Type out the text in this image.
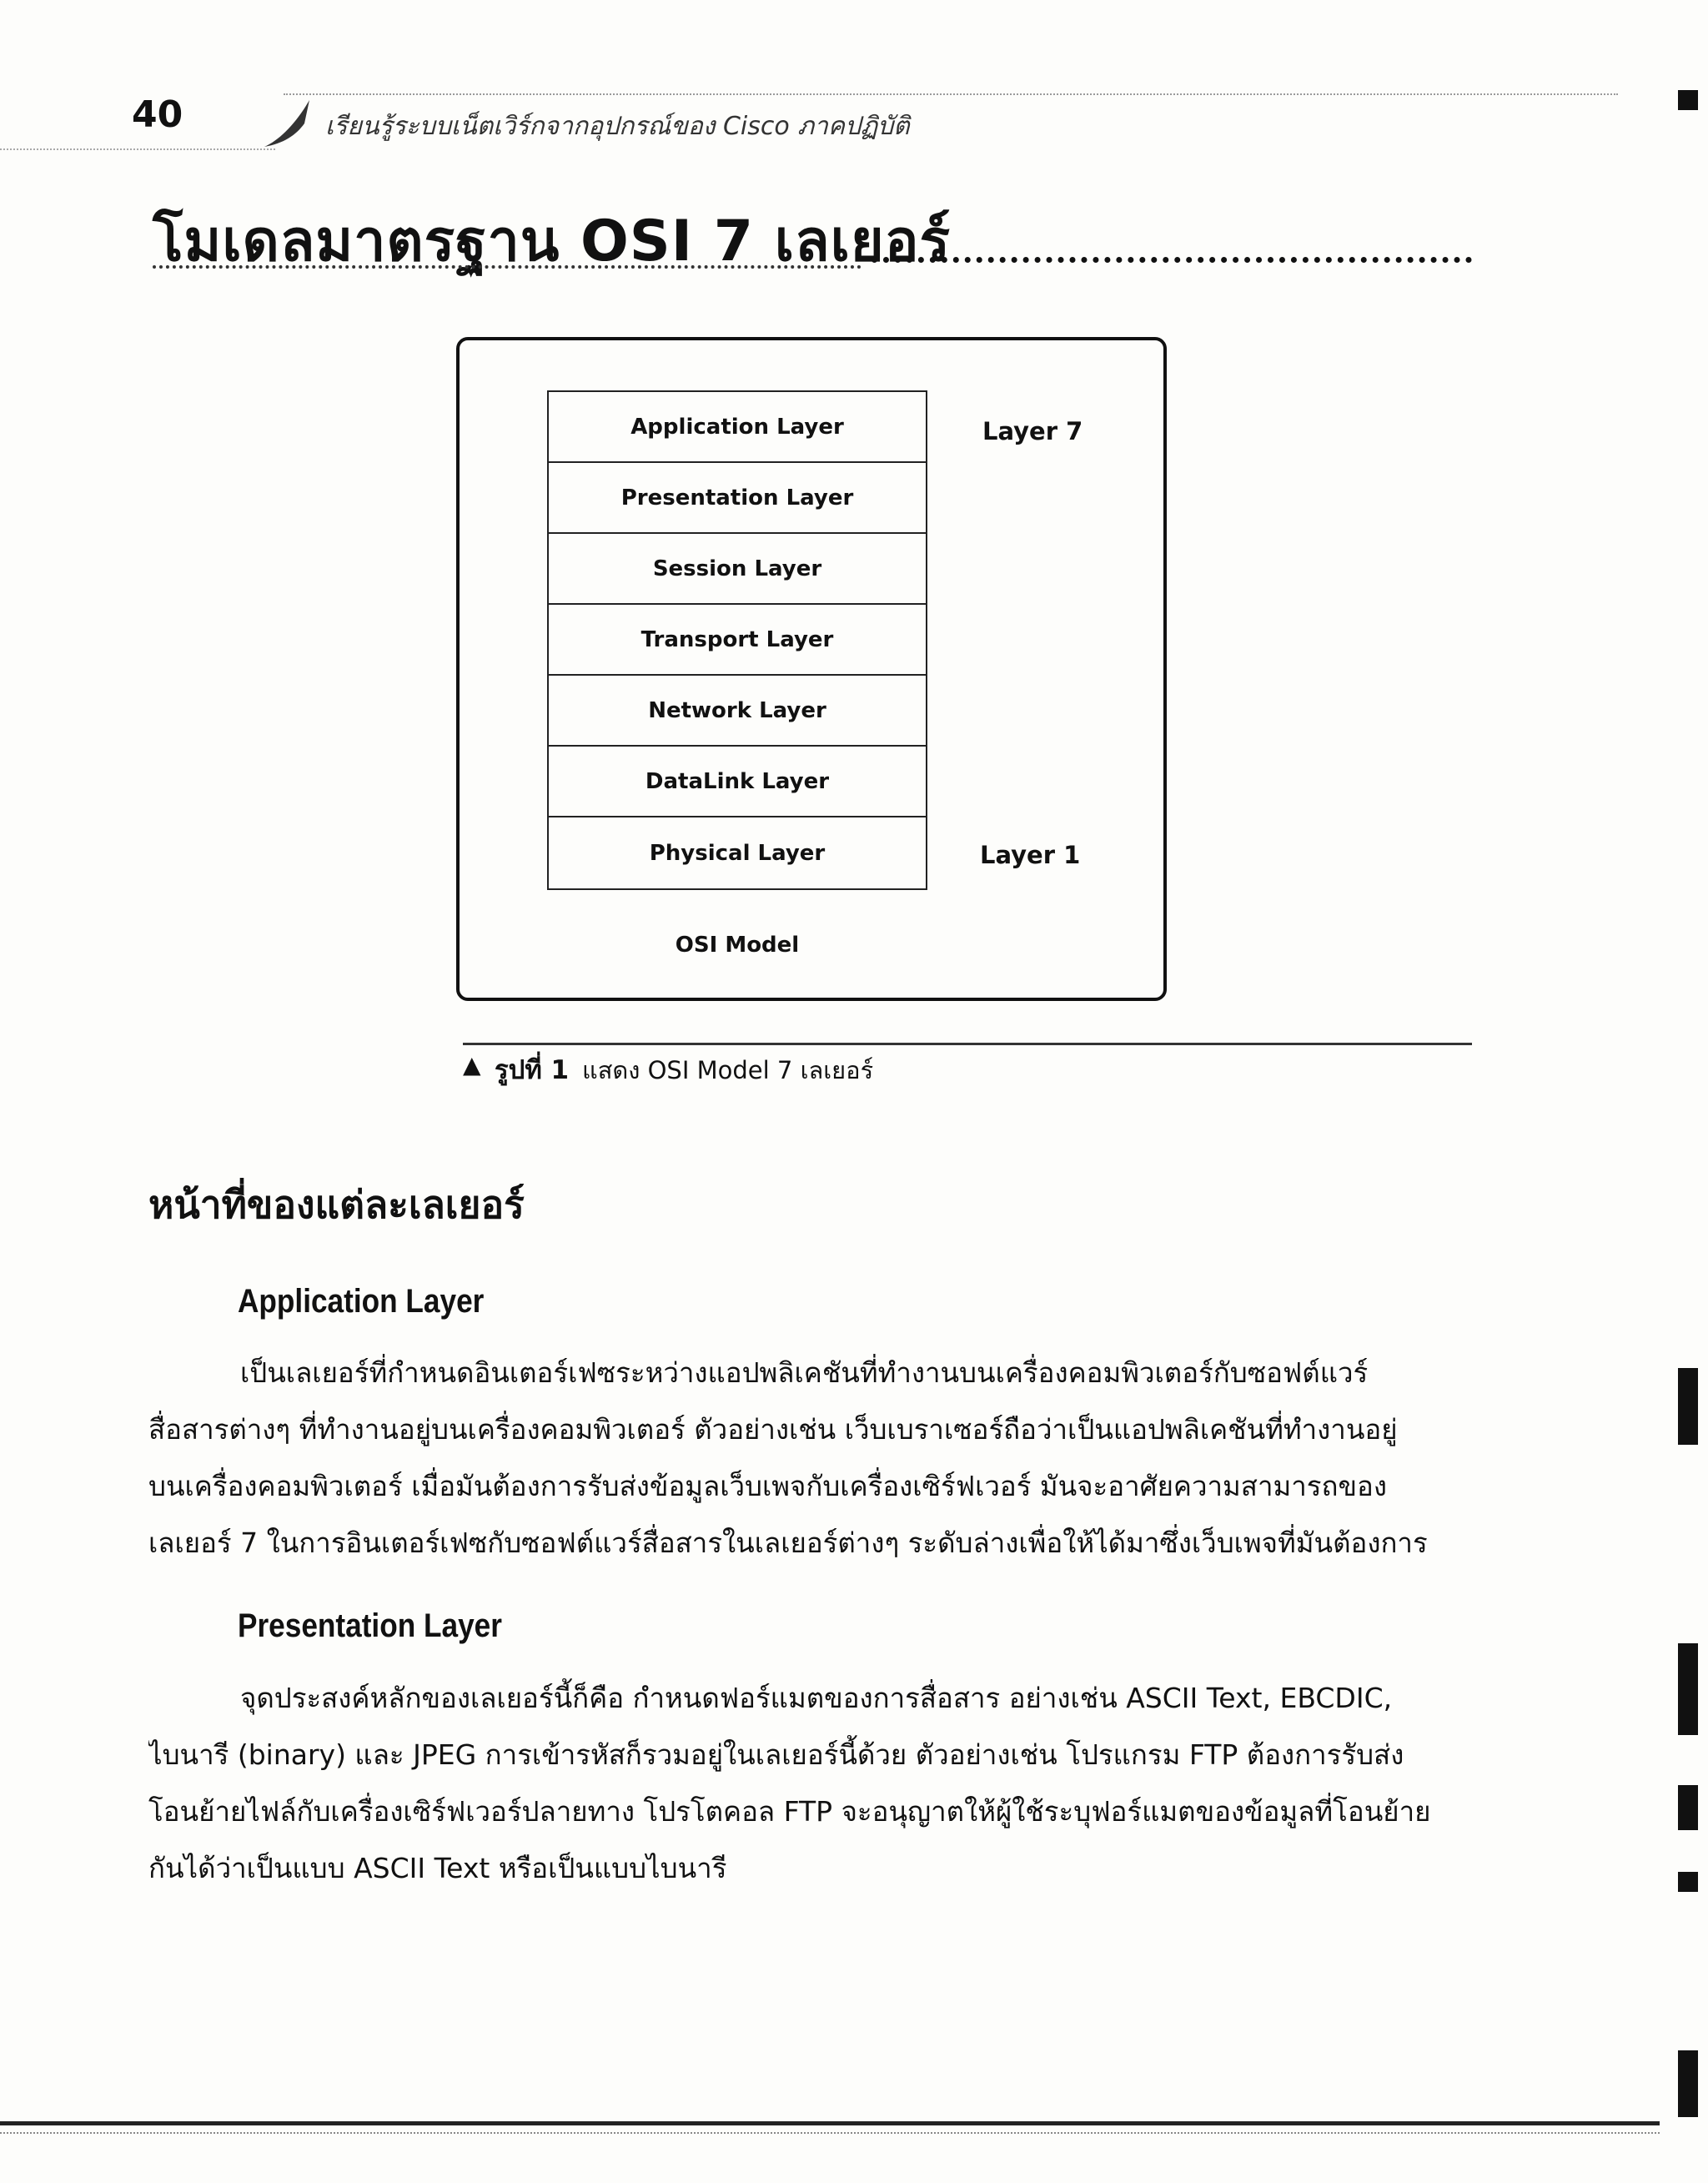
40	เรียนรู้ระบบเน็ตเวิร์กจากอุปกรณ์ของ Cisco ภาคปฏิบัติ
โมเดลมาตรฐาน OSI 7 เลเยอร์
Application Layer
Presentation Layer
Session Layer
Transport Layer
Network Layer
DataLink Layer
Physical Layer
Layer 7
Layer 1
OSI Model
▲ รูปที่ 1 แสดง OSI Model 7 เลเยอร์
หน้าที่ของแต่ละเลเยอร์
Application Layer

เป็นเลเยอร์ที่กำหนดอินเตอร์เฟซระหว่างแอปพลิเคชันที่ทำงานบนเครื่องคอมพิวเตอร์กับซอฟต์แวร์
สื่อสารต่างๆ ที่ทำงานอยู่บนเครื่องคอมพิวเตอร์ ตัวอย่างเช่น เว็บเบราเซอร์ถือว่าเป็นแอปพลิเคชันที่ทำงานอยู่
บนเครื่องคอมพิวเตอร์ เมื่อมันต้องการรับส่งข้อมูลเว็บเพจกับเครื่องเซิร์ฟเวอร์ มันจะอาศัยความสามารถของ
เลเยอร์ 7 ในการอินเตอร์เฟซกับซอฟต์แวร์สื่อสารในเลเยอร์ต่างๆ ระดับล่างเพื่อให้ได้มาซึ่งเว็บเพจที่มันต้องการ

Presentation Layer

จุดประสงค์หลักของเลเยอร์นี้ก็คือ กำหนดฟอร์แมตของการสื่อสาร อย่างเช่น ASCII Text, EBCDIC,
ไบนารี (binary) และ JPEG การเข้ารหัสก็รวมอยู่ในเลเยอร์นี้ด้วย ตัวอย่างเช่น โปรแกรม FTP ต้องการรับส่ง
โอนย้ายไฟล์กับเครื่องเซิร์ฟเวอร์ปลายทาง โปรโตคอล FTP จะอนุญาตให้ผู้ใช้ระบุฟอร์แมตของข้อมูลที่โอนย้าย
กันได้ว่าเป็นแบบ ASCII Text หรือเป็นแบบไบนารี
